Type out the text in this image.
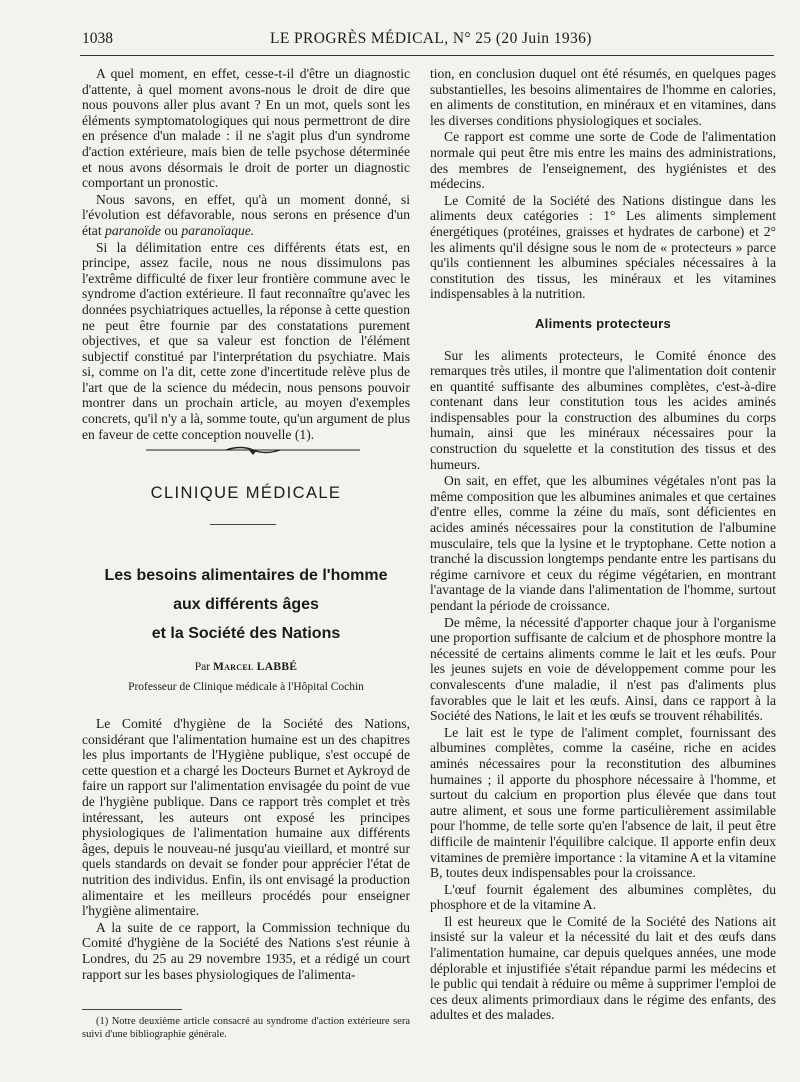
1038	LE PROGRÈS MÉDICAL, N° 25 (20 Juin 1936)

A quel moment, en effet, cesse-t-il d'être un diagnostic d'attente, à quel moment avons-nous le droit de dire que nous pouvons aller plus avant ? En un mot, quels sont les éléments symptomatologiques qui nous permettront de dire en présence d'un malade : il ne s'agit plus d'un syndrome d'action extérieure, mais bien de telle psychose déterminée et nous avons désormais le droit de porter un diagnostic comportant un pronostic.

Nous savons, en effet, qu'à un moment donné, si l'évolution est défavorable, nous serons en présence d'un état paranoïde ou paranoïaque.

Si la délimitation entre ces différents états est, en principe, assez facile, nous ne nous dissimulons pas l'extrême difficulté de fixer leur frontière commune avec le syndrome d'action extérieure. Il faut reconnaître qu'avec les données psychiatriques actuelles, la réponse à cette question ne peut être fournie par des constatations purement objectives, et que sa valeur est fonction de l'élément subjectif constitué par l'interprétation du psychiatre. Mais si, comme on l'a dit, cette zone d'incertitude relève plus de l'art que de la science du médecin, nous pensons pouvoir montrer dans un prochain article, au moyen d'exemples concrets, qu'il n'y a là, somme toute, qu'un argument de plus en faveur de cette conception nouvelle (1).

CLINIQUE MÉDICALE
Les besoins alimentaires de l'homme
aux différents âges
et la Société des Nations
Par Marcel LABBÉ
Professeur de Clinique médicale à l'Hôpital Cochin

Le Comité d'hygiène de la Société des Nations, considérant que l'alimentation humaine est un des chapitres les plus importants de l'Hygiène publique, s'est occupé de cette question et a chargé les Docteurs Burnet et Aykroyd de faire un rapport sur l'alimentation envisagée du point de vue de l'hygiène publique. Dans ce rapport très complet et très intéressant, les auteurs ont exposé les principes physiologiques de l'alimentation humaine aux différents âges, depuis le nouveau-né jusqu'au vieillard, et montré sur quels standards on devait se fonder pour apprécier l'état de nutrition des individus. Enfin, ils ont envisagé la production alimentaire et les meilleurs procédés pour enseigner l'hygiène alimentaire.

A la suite de ce rapport, la Commission technique du Comité d'hygiène de la Société des Nations s'est réunie à Londres, du 25 au 29 novembre 1935, et a rédigé un court rapport sur les bases physiologiques de l'alimenta-

(1) Notre deuxième article consacré au syndrome d'action extérieure sera suivi d'une bibliographie générale.

tion, en conclusion duquel ont été résumés, en quelques pages substantielles, les besoins alimentaires de l'homme en calories, en aliments de constitution, en minéraux et en vitamines, dans les diverses conditions physiologiques et sociales.

Ce rapport est comme une sorte de Code de l'alimentation normale qui peut être mis entre les mains des administrations, des membres de l'enseignement, des hygiénistes et des médecins.

Le Comité de la Société des Nations distingue dans les aliments deux catégories : 1° Les aliments simplement énergétiques (protéines, graisses et hydrates de carbone) et 2° les aliments qu'il désigne sous le nom de « protecteurs » parce qu'ils contiennent les albumines spéciales nécessaires à la constitution des tissus, les minéraux et les vitamines indispensables à la nutrition.

Aliments protecteurs

Sur les aliments protecteurs, le Comité énonce des remarques très utiles, il montre que l'alimentation doit contenir en quantité suffisante des albumines complètes, c'est-à-dire contenant dans leur constitution tous les acides aminés indispensables pour la construction des albumines du corps humain, ainsi que les minéraux nécessaires pour la construction du squelette et la constitution des tissus et des humeurs.

On sait, en effet, que les albumines végétales n'ont pas la même composition que les albumines animales et que certaines d'entre elles, comme la zéine du maïs, sont déficientes en acides aminés nécessaires pour la constitution de l'albumine musculaire, tels que la lysine et le tryptophane. Cette notion a tranché la discussion longtemps pendante entre les partisans du régime carnivore et ceux du régime végétarien, en montrant l'avantage de la viande dans l'alimentation de l'homme, surtout pendant la période de croissance.

De même, la nécessité d'apporter chaque jour à l'organisme une proportion suffisante de calcium et de phosphore montre la nécessité de certains aliments comme le lait et les œufs. Pour les jeunes sujets en voie de développement comme pour les convalescents d'une maladie, il n'est pas d'aliments plus favorables que le lait et les œufs. Ainsi, dans ce rapport à la Société des Nations, le lait et les œufs se trouvent réhabilités.

Le lait est le type de l'aliment complet, fournissant des albumines complètes, comme la caséine, riche en acides aminés nécessaires pour la reconstitution des albumines humaines ; il apporte du phosphore nécessaire à l'homme, et surtout du calcium en proportion plus élevée que dans tout autre aliment, et sous une forme particulièrement assimilable pour l'homme, de telle sorte qu'en l'absence de lait, il peut être difficile de maintenir l'équilibre calcique. Il apporte enfin deux vitamines de première importance : la vitamine A et la vitamine B, toutes deux indispensables pour la croissance.

L'œuf fournit également des albumines complètes, du phosphore et de la vitamine A.

Il est heureux que le Comité de la Société des Nations ait insisté sur la valeur et la nécessité du lait et des œufs dans l'alimentation humaine, car depuis quelques années, une mode déplorable et injustifiée s'était répandue parmi les médecins et le public qui tendait à réduire ou même à supprimer l'emploi de ces deux aliments primordiaux dans le régime des enfants, des adultes et des malades.
